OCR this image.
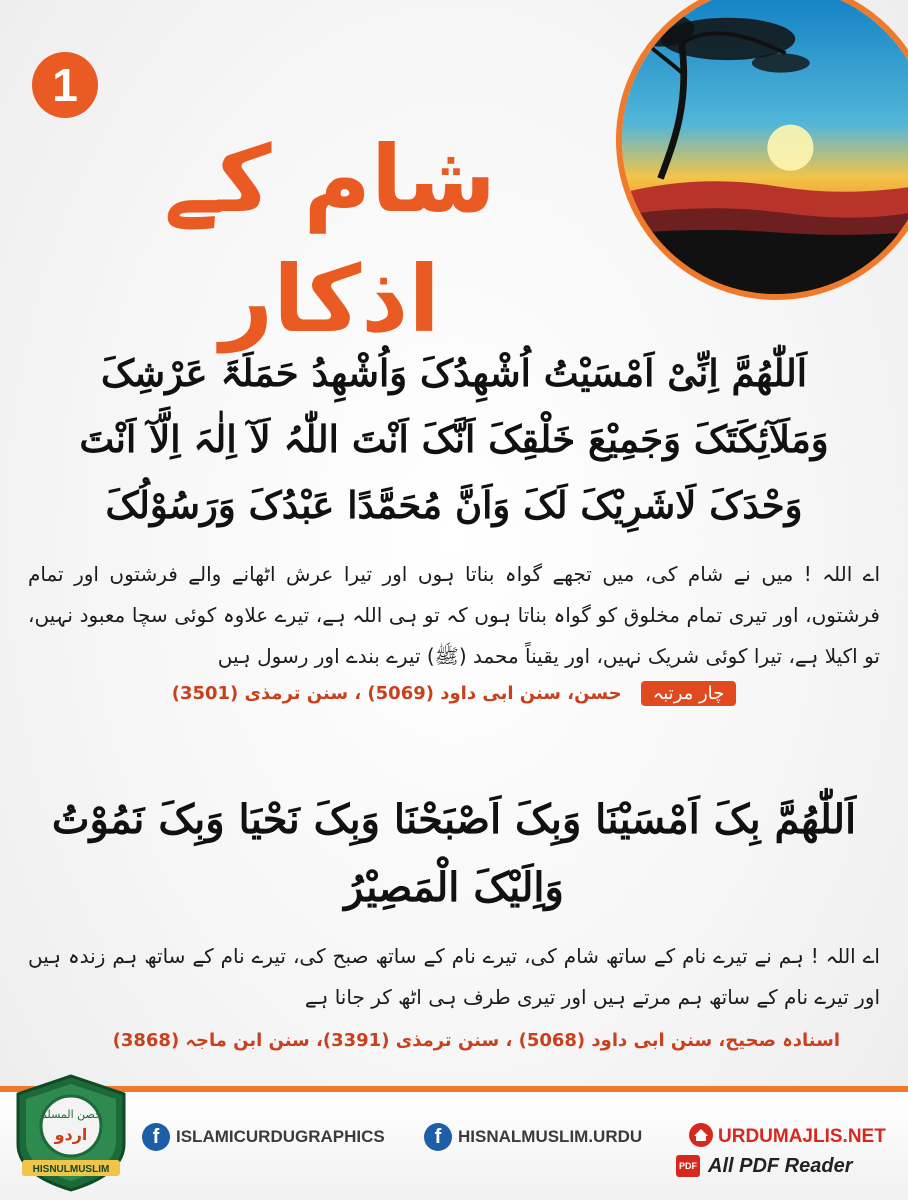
1
شام کے اذکار
اَللّٰھُمَّ اِنِّیْ اَمْسَیْتُ اُشْھِدُکَ وَاُشْھِدُ حَمَلَۃَ عَرْشِکَ وَمَلَآئِکَتَکَ وَجَمِیْعَ خَلْقِکَ اَنَّکَ اَنْتَ اللّٰہُ لَآ اِلٰہَ اِلَّآ اَنْتَ وَحْدَکَ لَاشَرِیْکَ لَکَ وَاَنَّ مُحَمَّدًا عَبْدُکَ وَرَسُوْلُکَ
اے اللہ ! میں نے شام کی، میں تجھے گواہ بناتا ہوں اور تیرا عرش اٹھانے والے فرشتوں اور تمام فرشتوں، اور تیری تمام مخلوق کو گواہ بناتا ہوں کہ تو ہی اللہ ہے، تیرے علاوہ کوئی سچا معبود نہیں، تو اکیلا ہے، تیرا کوئی شریک نہیں، اور یقیناً محمد (ﷺ) تیرے بندے اور رسول ہیں
چار مرتبہ حسن، سنن ابی داود (5069) ، سنن ترمذی (3501)
اَللّٰھُمَّ بِکَ اَمْسَیْنَا وَبِکَ اَصْبَحْنَا وَبِکَ نَحْیَا وَبِکَ نَمُوْتُ وَاِلَیْکَ الْمَصِیْرُ
اے اللہ ! ہم نے تیرے نام کے ساتھ شام کی، تیرے نام کے ساتھ صبح کی، تیرے نام کے ساتھ ہم زندہ ہیں اور تیرے نام کے ساتھ ہم مرتے ہیں اور تیری طرف ہی اٹھ کر جانا ہے
اسنادہ صحیح، سنن ابی داود (5068) ، سنن ترمذی (3391)، سنن ابن ماجہ (3868)
حصن المسلم
اردو
HISNULMUSLIM
f ISLAMICURDUGRAPHICS	f HISNALMUSLIM.URDU	URDUMAJLIS.NET
PDF All PDF Reader
